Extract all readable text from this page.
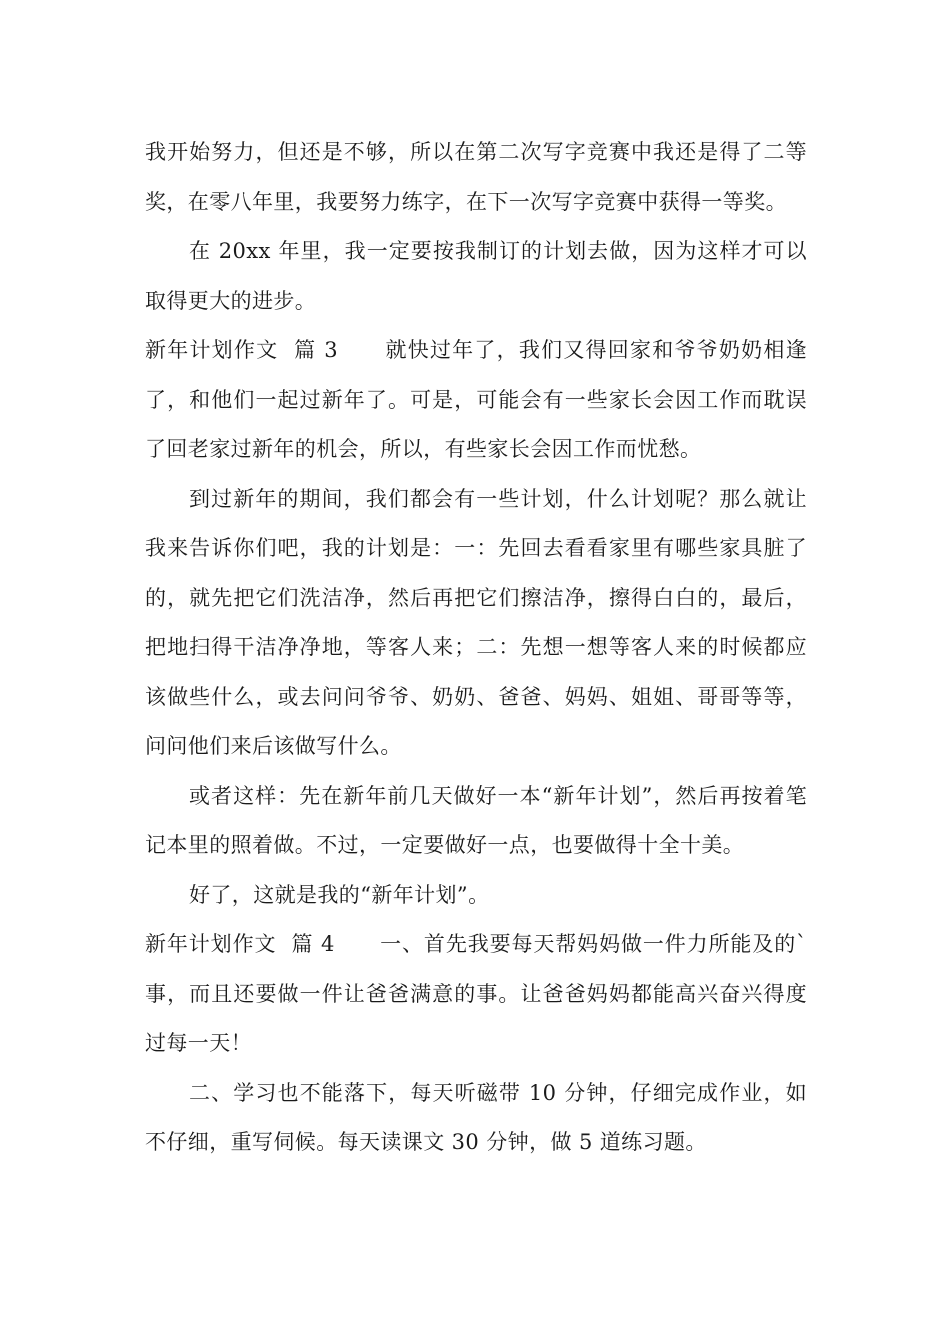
我开始努力，但还是不够，所以在第二次写字竞赛中我还是得了二等奖，在零八年里，我要努力练字，在下一次写字竞赛中获得一等奖。

在 20xx 年里，我一定要按我制订的计划去做，因为这样才可以取得更大的进步。

新年计划作文  篇 3 就快过年了，我们又得回家和爷爷奶奶相逢了，和他们一起过新年了。可是，可能会有一些家长会因工作而耽误了回老家过新年的机会，所以，有些家长会因工作而忧愁。

到过新年的期间，我们都会有一些计划，什么计划呢？那么就让我来告诉你们吧，我的计划是：一：先回去看看家里有哪些家具脏了的，就先把它们洗洁净，然后再把它们擦洁净，擦得白白的，最后，把地扫得干洁净净地，等客人来；二：先想一想等客人来的时候都应该做些什么，或去问问爷爷、奶奶、爸爸、妈妈、姐姐、哥哥等等，问问他们来后该做写什么。

或者这样：先在新年前几天做好一本“新年计划”，然后再按着笔记本里的照着做。不过，一定要做好一点，也要做得十全十美。

好了，这就是我的“新年计划”。

新年计划作文  篇 4 一、首先我要每天帮妈妈做一件力所能及的`事，而且还要做一件让爸爸满意的事。让爸爸妈妈都能高兴奋兴得度过每一天！

二、学习也不能落下，每天听磁带 10 分钟，仔细完成作业，如不仔细，重写伺候。每天读课文 30 分钟，做 5 道练习题。
